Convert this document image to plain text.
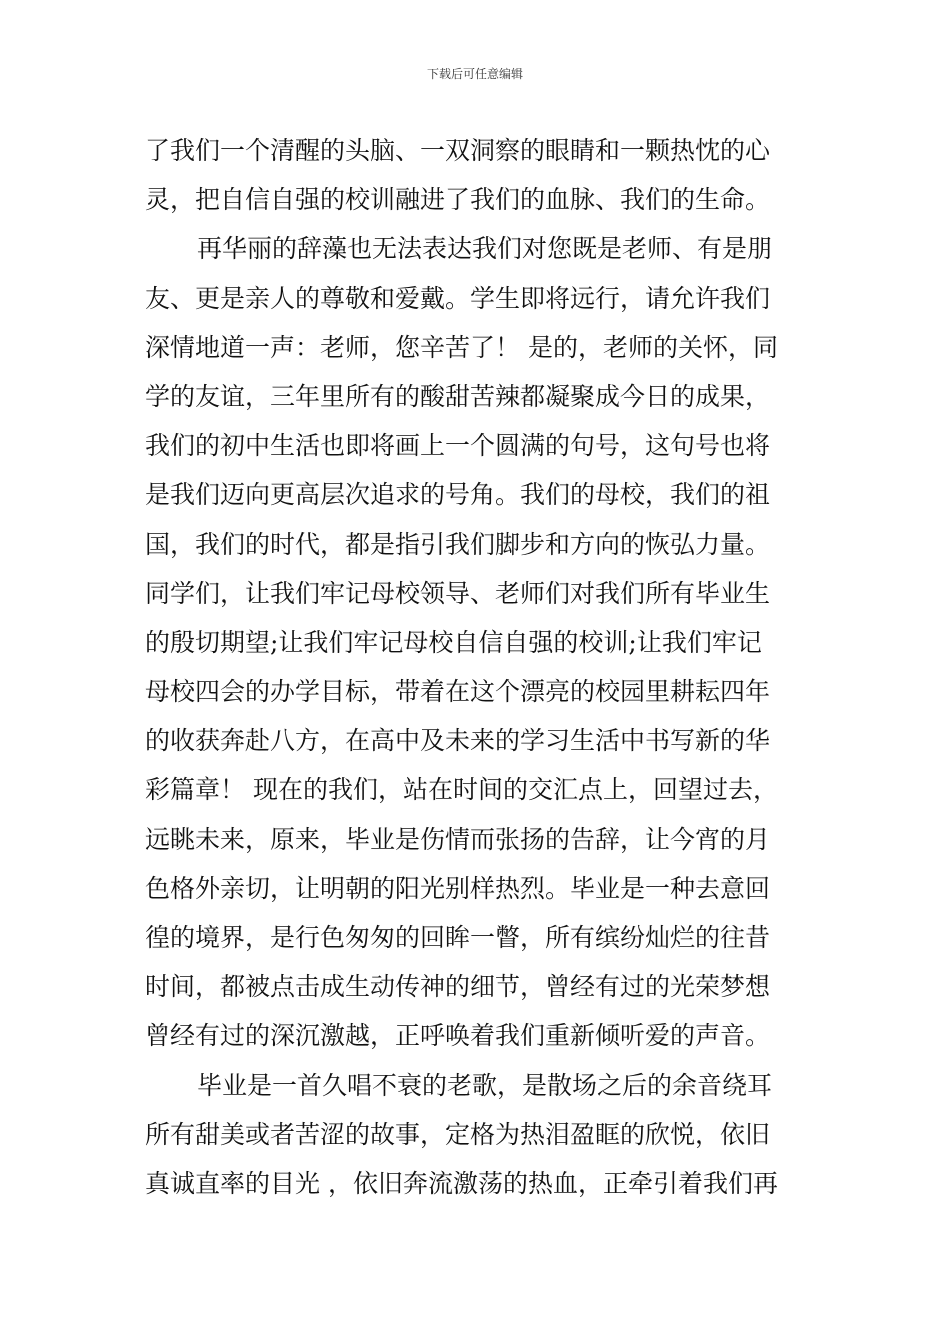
下载后可任意编辑
了我们一个清醒的头脑、一双洞察的眼睛和一颗热忱的心
灵，把自信自强的校训融进了我们的血脉、我们的生命。
再华丽的辞藻也无法表达我们对您既是老师、有是朋
友、更是亲人的尊敬和爱戴。学生即将远行，请允许我们
深情地道一声：老师，您辛苦了！ 是的，老师的关怀，同
学的友谊，三年里所有的酸甜苦辣都凝聚成今日的成果，
我们的初中生活也即将画上一个圆满的句号，这句号也将
是我们迈向更高层次追求的号角。我们的母校，我们的祖
国，我们的时代，都是指引我们脚步和方向的恢弘力量。
同学们，让我们牢记母校领导、老师们对我们所有毕业生
的殷切期望;让我们牢记母校自信自强的校训;让我们牢记
母校四会的办学目标，带着在这个漂亮的校园里耕耘四年
的收获奔赴八方，在高中及未来的学习生活中书写新的华
彩篇章！ 现在的我们，站在时间的交汇点上，回望过去，
远眺未来，原来，毕业是伤情而张扬的告辞，让今宵的月
色格外亲切，让明朝的阳光别样热烈。毕业是一种去意回
徨的境界，是行色匆匆的回眸一瞥，所有缤纷灿烂的往昔
时间，都被点击成生动传神的细节，曾经有过的光荣梦想
曾经有过的深沉激越，正呼唤着我们重新倾听爱的声音。
毕业是一首久唱不衰的老歌，是散场之后的余音绕耳
所有甜美或者苦涩的故事，定格为热泪盈眶的欣悦，依旧
真诚直率的目光 ，依旧奔流激荡的热血，正牵引着我们再
